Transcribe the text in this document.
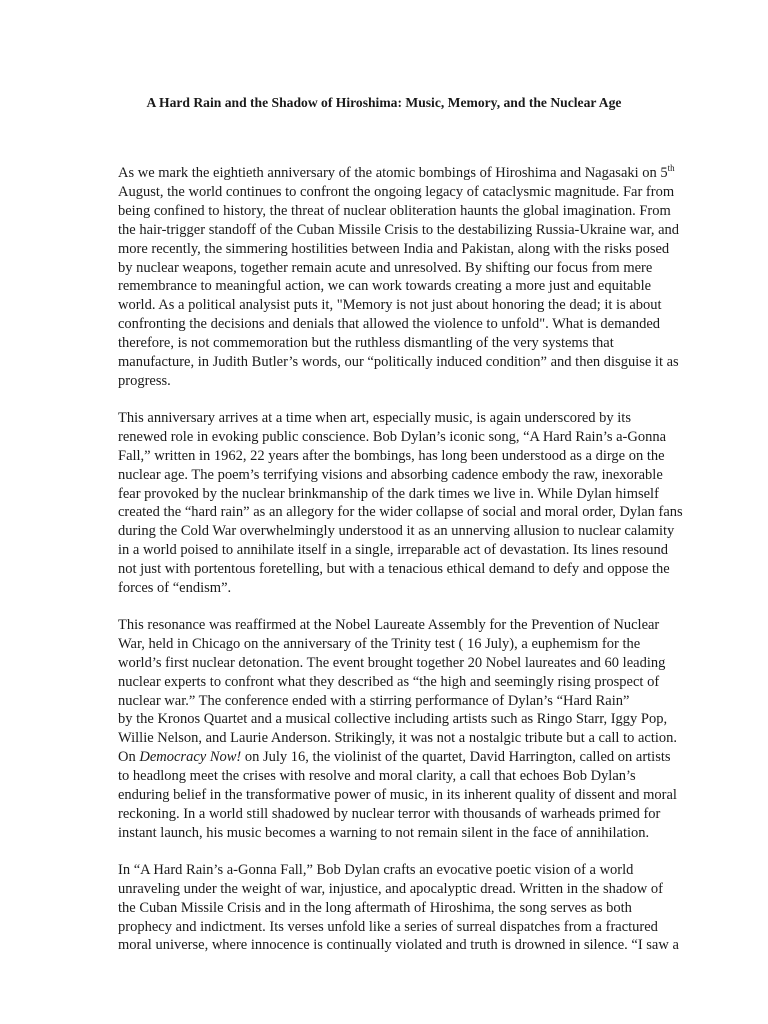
A Hard Rain and the Shadow of Hiroshima: Music, Memory, and the Nuclear Age

As we mark the eightieth anniversary of the atomic bombings of Hiroshima and Nagasaki on 5th
August, the world continues to confront the ongoing legacy of cataclysmic magnitude. Far from
being confined to history, the threat of nuclear obliteration haunts the global imagination. From
the hair-trigger standoff of the Cuban Missile Crisis to the destabilizing Russia-Ukraine war, and
more recently, the simmering hostilities between India and Pakistan, along with the risks posed
by nuclear weapons, together remain acute and unresolved. By shifting our focus from mere
remembrance to meaningful action, we can work towards creating a more just and equitable
world. As a political analysist puts it, "Memory is not just about honoring the dead; it is about
confronting the decisions and denials that allowed the violence to unfold". What is demanded
therefore, is not commemoration but the ruthless dismantling of the very systems that
manufacture, in Judith Butler’s words, our “politically induced condition” and then disguise it as
progress.

This anniversary arrives at a time when art, especially music, is again underscored by its
renewed role in evoking public conscience. Bob Dylan’s iconic song, “A Hard Rain’s a-Gonna
Fall,” written in 1962, 22 years after the bombings, has long been understood as a dirge on the
nuclear age. The poem’s terrifying visions and absorbing cadence embody the raw, inexorable
fear provoked by the nuclear brinkmanship of the dark times we live in. While Dylan himself
created the “hard rain” as an allegory for the wider collapse of social and moral order, Dylan fans
during the Cold War overwhelmingly understood it as an unnerving allusion to nuclear calamity
in a world poised to annihilate itself in a single, irreparable act of devastation. Its lines resound
not just with portentous foretelling, but with a tenacious ethical demand to defy and oppose the
forces of “endism”.

This resonance was reaffirmed at the Nobel Laureate Assembly for the Prevention of Nuclear
War, held in Chicago on the anniversary of the Trinity test ( 16 July), a euphemism for the
world’s first nuclear detonation. The event brought together 20 Nobel laureates and 60 leading
nuclear experts to confront what they described as “the high and seemingly rising prospect of
nuclear war.” The conference ended with a stirring performance of Dylan’s “Hard Rain”
by the Kronos Quartet and a musical collective including artists such as Ringo Starr, Iggy Pop,
Willie Nelson, and Laurie Anderson. Strikingly, it was not a nostalgic tribute but a call to action.
On Democracy Now! on July 16, the violinist of the quartet, David Harrington, called on artists
to headlong meet the crises with resolve and moral clarity, a call that echoes Bob Dylan’s
enduring belief in the transformative power of music, in its inherent quality of dissent and moral
reckoning. In a world still shadowed by nuclear terror with thousands of warheads primed for
instant launch, his music becomes a warning to not remain silent in the face of annihilation.

In “A Hard Rain’s a-Gonna Fall,” Bob Dylan crafts an evocative poetic vision of a world
unraveling under the weight of war, injustice, and apocalyptic dread. Written in the shadow of
the Cuban Missile Crisis and in the long aftermath of Hiroshima, the song serves as both
prophecy and indictment. Its verses unfold like a series of surreal dispatches from a fractured
moral universe, where innocence is continually violated and truth is drowned in silence. “I saw a
